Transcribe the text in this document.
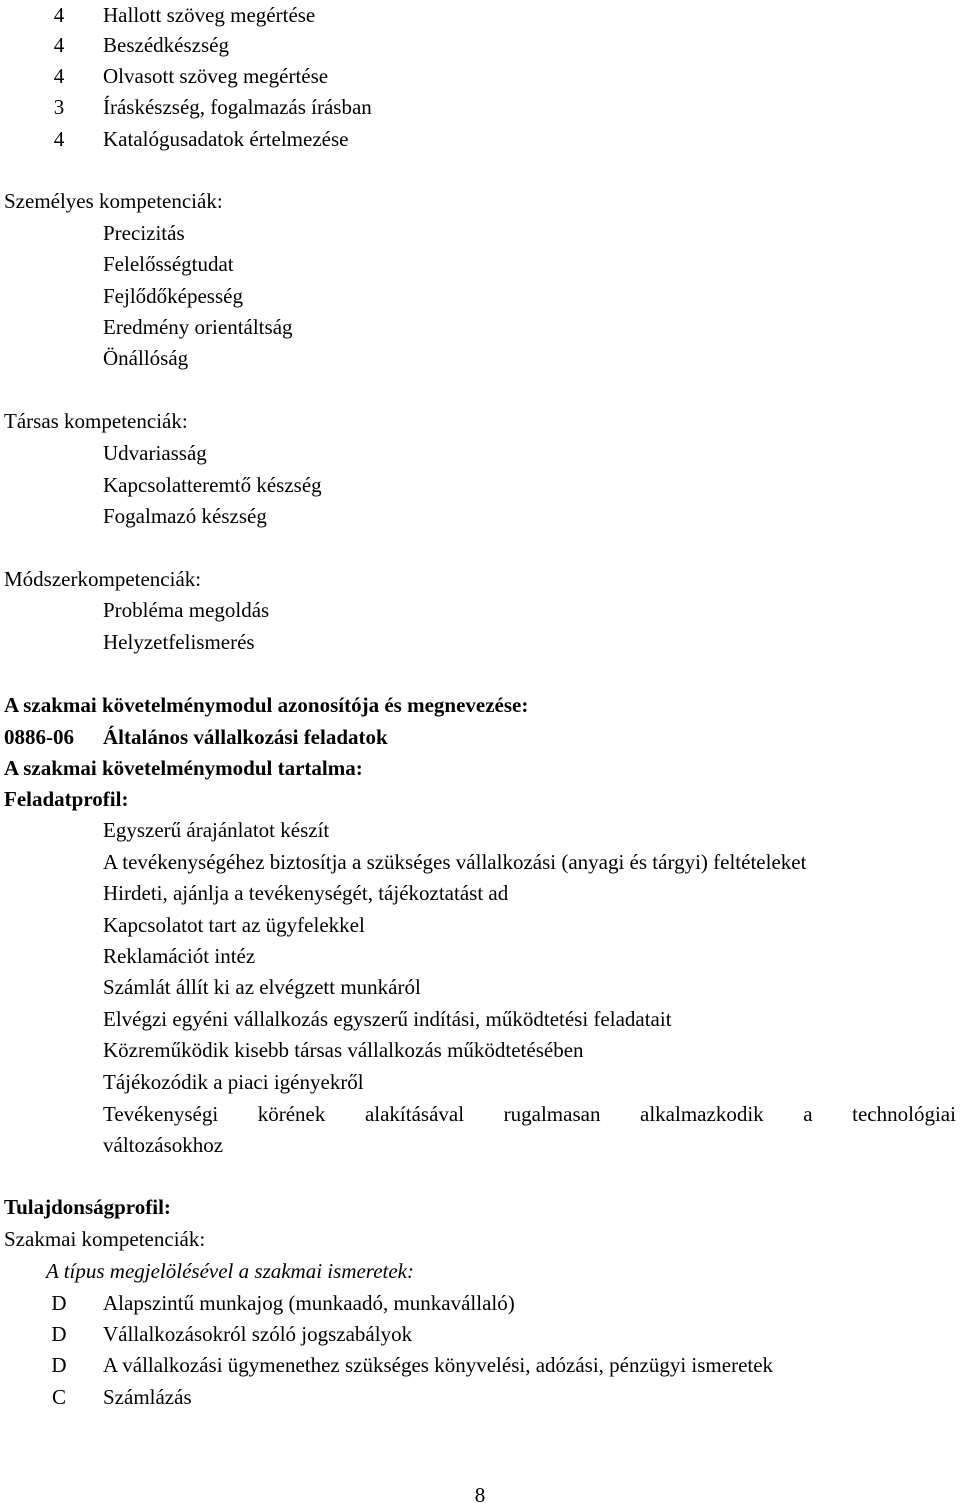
4	Hallott szöveg megértése
4	Beszédkészség
4	Olvasott szöveg megértése
3	Íráskészség, fogalmazás írásban
4	Katalógusadatok értelmezése
Személyes kompetenciák:
Precizitás
Felelősségtudat
Fejlődőképesség
Eredmény orientáltság
Önállóság
Társas kompetenciák:
Udvariasság
Kapcsolatteremtő készség
Fogalmazó készség
Módszerkompetenciák:
Probléma megoldás
Helyzetfelismerés
A szakmai követelménymodul azonosítója és megnevezése:
0886-06 Általános vállalkozási feladatok
A szakmai követelménymodul tartalma:
Feladatprofil:
Egyszerű árajánlatot készít
A tevékenységéhez biztosítja a szükséges vállalkozási (anyagi és tárgyi) feltételeket
Hirdeti, ajánlja a tevékenységét, tájékoztatást ad
Kapcsolatot tart az ügyfelekkel
Reklamációt intéz
Számlát állít ki az elvégzett munkáról
Elvégzi egyéni vállalkozás egyszerű indítási, működtetési feladatait
Közreműködik kisebb társas vállalkozás működtetésében
Tájékozódik a piaci igényekről
Tevékenységi körének alakításával rugalmasan alkalmazkodik a technológiai
változásokhoz
Tulajdonságprofil:
Szakmai kompetenciák:
A típus megjelölésével a szakmai ismeretek:
D Alapszintű munkajog (munkaadó, munkavállaló)
D Vállalkozásokról szóló jogszabályok
D A vállalkozási ügymenethez szükséges könyvelési, adózási, pénzügyi ismeretek
C Számlázás
8
